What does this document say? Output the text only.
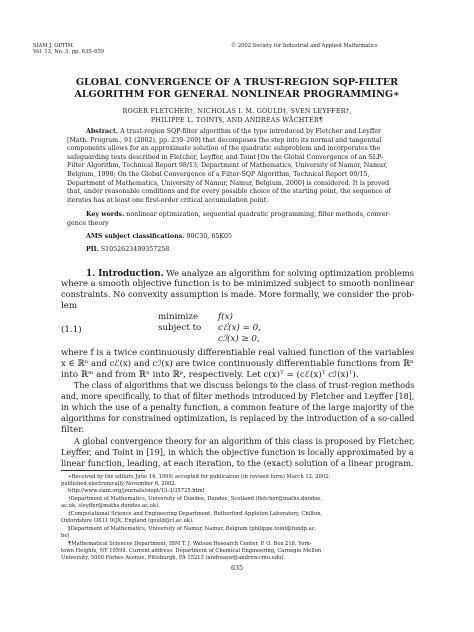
SIAM J. OPTIM.
Vol. 13, No. 3, pp. 635–659
© 2002 Society for Industrial and Applied Mathematics
GLOBAL CONVERGENCE OF A TRUST-REGION SQP-FILTER
ALGORITHM FOR GENERAL NONLINEAR PROGRAMMING∗
ROGER FLETCHER†, NICHOLAS I. M. GOULD‡, SVEN LEYFFER†,
PHILIPPE L. TOINT§, AND ANDREAS WÄCHTER¶
Abstract. A trust-region SQP-filter algorithm of the type introduced by Fletcher and Leyffer
[Math. Program., 91 (2002), pp. 239–269] that decomposes the step into its normal and tangential
components allows for an approximate solution of the quadratic subproblem and incorporates the
safeguarding tests described in Fletcher, Leyffer, and Toint [On the Global Convergence of an SLP-
Filter Algorithm, Technical Report 98/13, Department of Mathematics, University of Namur, Namur,
Belgium, 1998; On the Global Convergence of a Filter-SQP Algorithm, Technical Report 00/15,
Department of Mathematics, University of Namur, Namur, Belgium, 2000] is considered. It is proved
that, under reasonable conditions and for every possible choice of the starting point, the sequence of
iterates has at least one first-order critical accumulation point.
Key words. nonlinear optimization, sequential quadratic programming, filter methods, conver-
gence theory
AMS subject classifications. 90C30, 65K05
PII. S1052623499357258
1. Introduction. We analyze an algorithm for solving optimization problems
where a smooth objective function is to be minimized subject to smooth nonlinear
constraints. No convexity assumption is made. More formally, we consider the prob-
lem
(1.1)
minimize f(x)
subject to cℰ(x) = 0,
cℐ(x) ≥ 0,
where f is a twice continuously differentiable real valued function of the variables
x ∈ ℝⁿ and cℰ(x) and cℐ(x) are twice continuously differentiable functions from ℝⁿ
into ℝᵐ and from ℝⁿ into ℝᵖ, respectively. Let c(x)ᵀ = (cℰ(x)ᵀ cℐ(x)ᵀ).
The class of algorithms that we discuss belongs to the class of trust-region methods
and, more specifically, to that of filter methods introduced by Fletcher and Leyffer [18],
in which the use of a penalty function, a common feature of the large majority of the
algorithms for constrained optimization, is replaced by the introduction of a so-called
filter.
A global convergence theory for an algorithm of this class is proposed by Fletcher,
Leyffer, and Toint in [19], in which the objective function is locally approximated by a
linear function, leading, at each iteration, to the (exact) solution of a linear program.
∗Received by the editors June 14, 1999; accepted for publication (in revised form) March 12, 2002;
published electronically November 6, 2002.
http://www.siam.org/journals/siopt/13-3/35725.html
†Department of Mathematics, University of Dundee, Dundee, Scotland (fletcher@maths.dundee.
ac.uk, sleyffer@maths.dundee.ac.uk).
‡Computational Science and Engineering Department, Rutherford Appleton Laboratory, Chilton,
Oxfordshire OX11 0QX, England (gould@rl.ac.uk).
§Department of Mathematics, University of Namur, Namur, Belgium (philippe.toint@fundp.ac.
be).
¶Mathematical Sciences Department, IBM T. J. Watson Research Center, P. O. Box 218, York-
town Heights, NY 10598. Current address: Department of Chemical Engineering, Carnegie Mellon
University, 5000 Forbes Avenue, Pittsburgh, PA 15213 (andreasw@andrew.cmu.edu).
635
